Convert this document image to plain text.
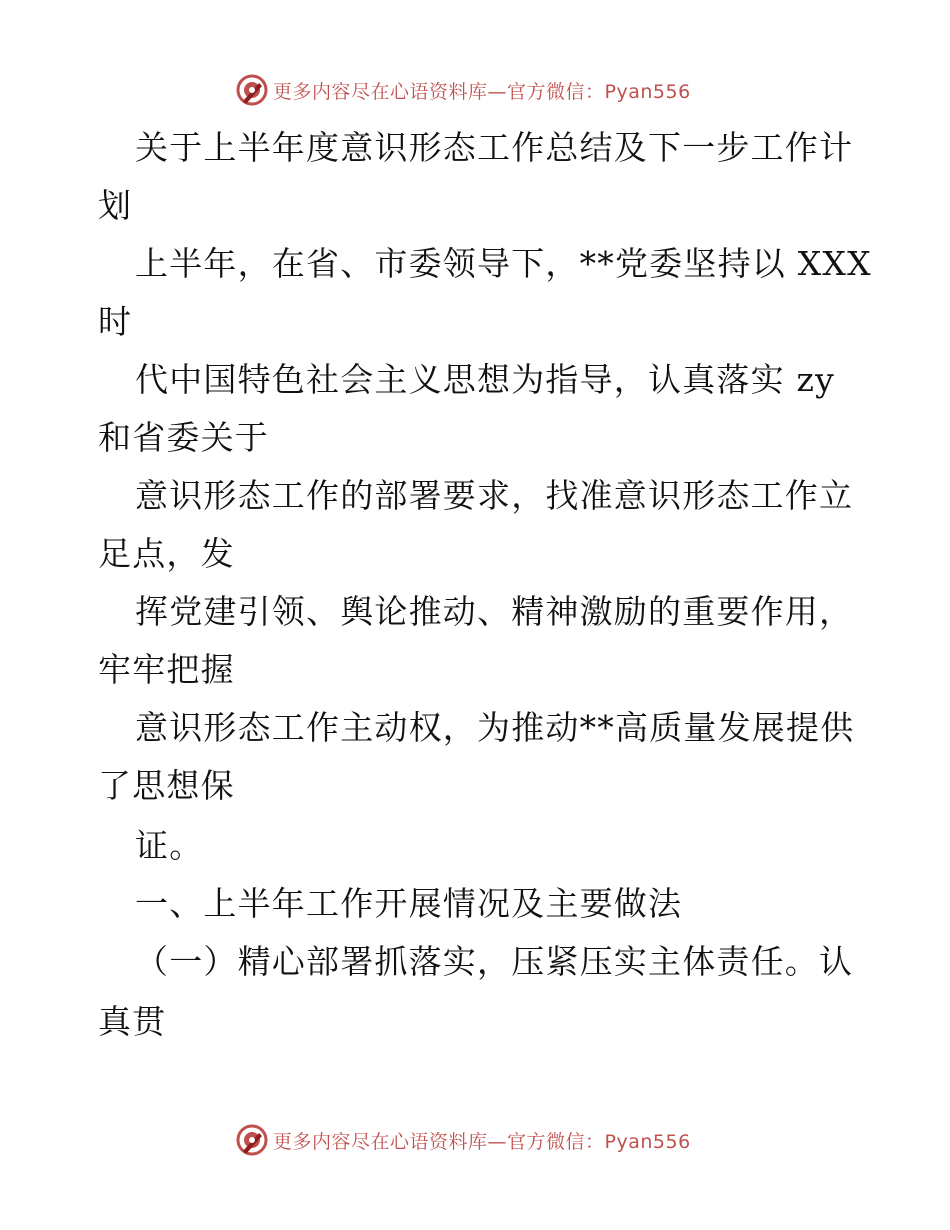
更多内容尽在心语资料库—官方微信：Pyan556
关于上半年度意识形态工作总结及下一步工作计
划
上半年，在省、市委领导下，**党委坚持以 XXX
时
代中国特色社会主义思想为指导，认真落实 zy
和省委关于
意识形态工作的部署要求，找准意识形态工作立
足点，发
挥党建引领、舆论推动、精神激励的重要作用，
牢牢把握
意识形态工作主动权，为推动**高质量发展提供
了思想保
证。
一、上半年工作开展情况及主要做法
（一）精心部署抓落实，压紧压实主体责任。认
真贯
更多内容尽在心语资料库—官方微信：Pyan556
